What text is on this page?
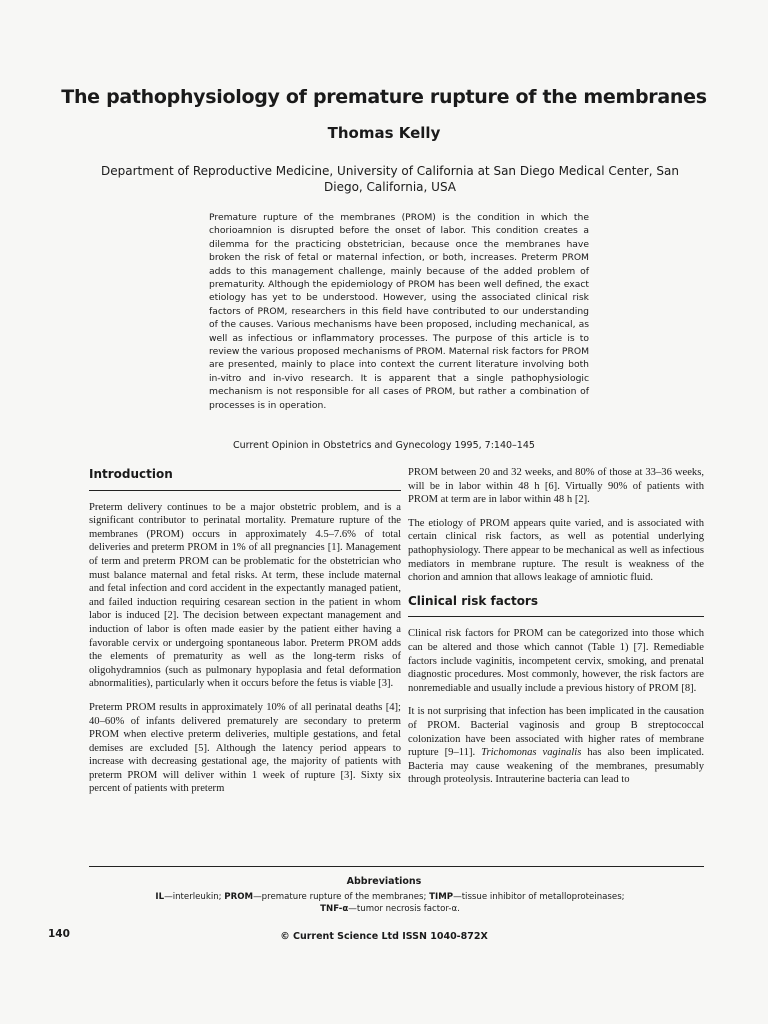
The pathophysiology of premature rupture of the membranes
Thomas Kelly
Department of Reproductive Medicine, University of California at San Diego Medical Center, San Diego, California, USA
Premature rupture of the membranes (PROM) is the condition in which the chorioamnion is disrupted before the onset of labor. This condition creates a dilemma for the practicing obstetrician, because once the membranes have broken the risk of fetal or maternal infection, or both, increases. Preterm PROM adds to this management challenge, mainly because of the added problem of prematurity. Although the epidemiology of PROM has been well defined, the exact etiology has yet to be understood. However, using the associated clinical risk factors of PROM, researchers in this field have contributed to our understanding of the causes. Various mechanisms have been proposed, including mechanical, as well as infectious or inflammatory processes. The purpose of this article is to review the various proposed mechanisms of PROM. Maternal risk factors for PROM are presented, mainly to place into context the current literature involving both in-vitro and in-vivo research. It is apparent that a single pathophysiologic mechanism is not responsible for all cases of PROM, but rather a combination of processes is in operation.
Current Opinion in Obstetrics and Gynecology 1995, 7:140–145
Introduction

Preterm delivery continues to be a major obstetric problem, and is a significant contributor to perinatal mortality. Premature rupture of the membranes (PROM) occurs in approximately 4.5–7.6% of total deliveries and preterm PROM in 1% of all pregnancies [1]. Management of term and preterm PROM can be problematic for the obstetrician who must balance maternal and fetal risks. At term, these include maternal and fetal infection and cord accident in the expectantly managed patient, and failed induction requiring cesarean section in the patient in whom labor is induced [2]. The decision between expectant management and induction of labor is often made easier by the patient either having a favorable cervix or undergoing spontaneous labor. Preterm PROM adds the elements of prematurity as well as the long-term risks of oligohydramnios (such as pulmonary hypoplasia and fetal deformation abnormalities), particularly when it occurs before the fetus is viable [3].

Preterm PROM results in approximately 10% of all perinatal deaths [4]; 40–60% of infants delivered prematurely are secondary to preterm PROM when elective preterm deliveries, multiple gestations, and fetal demises are excluded [5]. Although the latency period appears to increase with decreasing gestational age, the majority of patients with preterm PROM will deliver within 1 week of rupture [3]. Sixty six percent of patients with preterm

PROM between 20 and 32 weeks, and 80% of those at 33–36 weeks, will be in labor within 48 h [6]. Virtually 90% of patients with PROM at term are in labor within 48 h [2].

The etiology of PROM appears quite varied, and is associated with certain clinical risk factors, as well as potential underlying pathophysiology. There appear to be mechanical as well as infectious mediators in membrane rupture. The result is weakness of the chorion and amnion that allows leakage of amniotic fluid.

Clinical risk factors

Clinical risk factors for PROM can be categorized into those which can be altered and those which cannot (Table 1) [7]. Remediable factors include vaginitis, incompetent cervix, smoking, and prenatal diagnostic procedures. Most commonly, however, the risk factors are nonremediable and usually include a previous history of PROM [8].

It is not surprising that infection has been implicated in the causation of PROM. Bacterial vaginosis and group B streptococcal colonization have been associated with higher rates of membrane rupture [9–11]. Trichomonas vaginalis has also been implicated. Bacteria may cause weakening of the membranes, presumably through proteolysis. Intrauterine bacteria can lead to

Abbreviations
IL—interleukin; PROM—premature rupture of the membranes; TIMP—tissue inhibitor of metalloproteinases;
TNF-α—tumor necrosis factor-α.
140	© Current Science Ltd ISSN 1040-872X
